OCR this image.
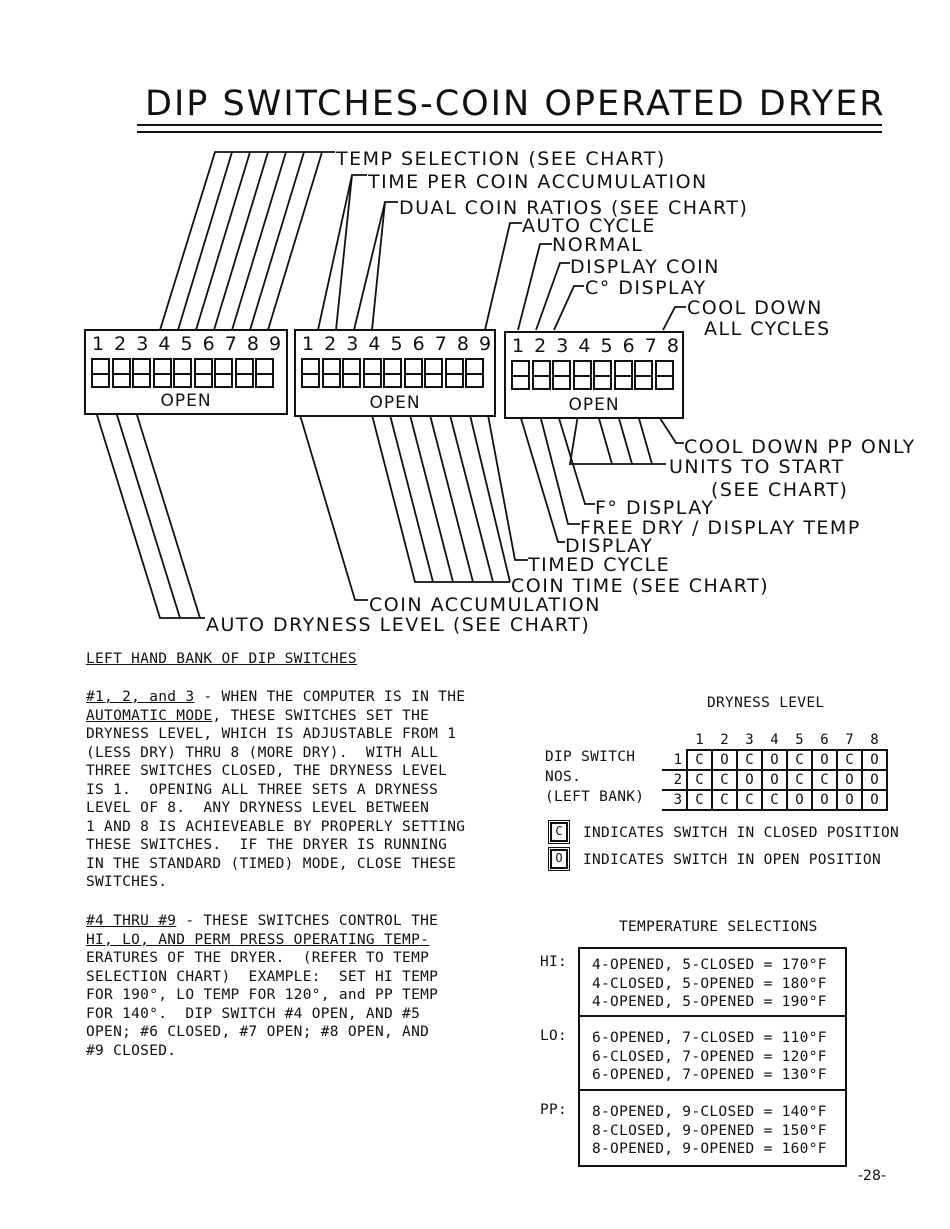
DIP SWITCHES-COIN OPERATED DRYER
TEMP SELECTION (SEE CHART)
TIME PER COIN ACCUMULATION
DUAL COIN RATIOS (SEE CHART)
AUTO CYCLE
NORMAL
DISPLAY COIN
C° DISPLAY
COOL DOWN
ALL CYCLES
1 2 3 4 5 6 7 8 9
OPEN
1 2 3 4 5 6 7 8 9
OPEN
1 2 3 4 5 6 7 8
OPEN
COOL DOWN PP ONLY
UNITS TO START
(SEE CHART)
F° DISPLAY
FREE DRY / DISPLAY TEMP
DISPLAY
TIMED CYCLE
COIN TIME (SEE CHART)
COIN ACCUMULATION
AUTO DRYNESS LEVEL (SEE CHART)
LEFT HAND BANK OF DIP SWITCHES
#1, 2, and 3 - WHEN THE COMPUTER IS IN THE
AUTOMATIC MODE, THESE SWITCHES SET THE
DRYNESS LEVEL, WHICH IS ADJUSTABLE FROM 1
(LESS DRY) THRU 8 (MORE DRY).  WITH ALL
THREE SWITCHES CLOSED, THE DRYNESS LEVEL
IS 1.  OPENING ALL THREE SETS A DRYNESS
LEVEL OF 8.  ANY DRYNESS LEVEL BETWEEN
1 AND 8 IS ACHIEVEABLE BY PROPERLY SETTING
THESE SWITCHES.  IF THE DRYER IS RUNNING
IN THE STANDARD (TIMED) MODE, CLOSE THESE
SWITCHES.
#4 THRU #9 - THESE SWITCHES CONTROL THE
HI, LO, AND PERM PRESS OPERATING TEMP-
ERATURES OF THE DRYER.  (REFER TO TEMP
SELECTION CHART)  EXAMPLE:  SET HI TEMP
FOR 190°, LO TEMP FOR 120°, and PP TEMP
FOR 140°.  DIP SWITCH #4 OPEN, AND #5
OPEN; #6 CLOSED, #7 OPEN; #8 OPEN, AND
#9 CLOSED.
DRYNESS LEVEL
DIP SWITCH
NOS.
(LEFT BANK)
	1	2	3	4	5	6	7	8
1	C	O	C	O	C	O	C	O
2	C	C	O	O	C	C	O	O
3	C	C	C	C	O	O	O	O
C	INDICATES SWITCH IN CLOSED POSITION
O	INDICATES SWITCH IN OPEN POSITION
TEMPERATURE SELECTIONS
HI:
LO:
PP:
4-OPENED, 5-CLOSED = 170°F
4-CLOSED, 5-OPENED = 180°F
4-OPENED, 5-OPENED = 190°F
6-OPENED, 7-CLOSED = 110°F
6-CLOSED, 7-OPENED = 120°F
6-OPENED, 7-OPENED = 130°F
8-OPENED, 9-CLOSED = 140°F
8-CLOSED, 9-OPENED = 150°F
8-OPENED, 9-OPENED = 160°F
-28-
